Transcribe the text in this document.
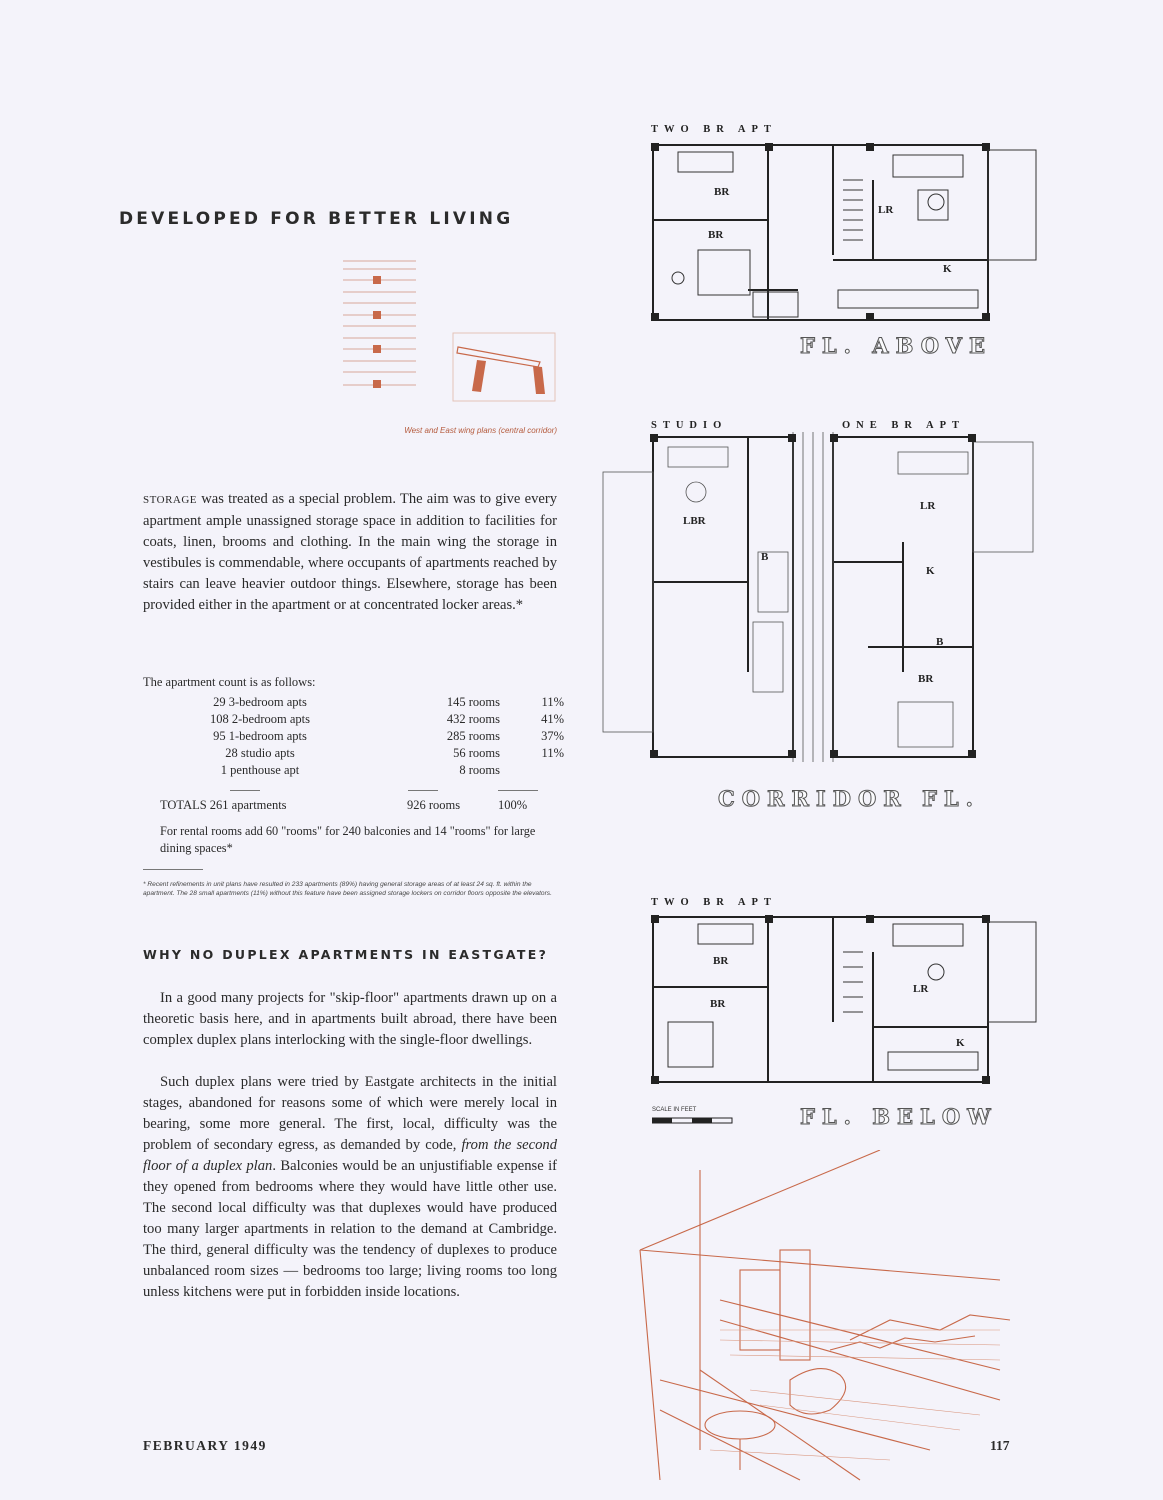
DEVELOPED FOR BETTER LIVING
West and East wing plans (central corridor)
STORAGE was treated as a special problem. The aim was to give every apartment ample unassigned storage space in addition to facilities for coats, linen, brooms and clothing. In the main wing the storage in vestibules is commendable, where occupants of apartments reached by stairs can leave heavier outdoor things. Elsewhere, storage has been provided either in the apartment or at concentrated locker areas.*
The apartment count is as follows:
29 3-bedroom apts	145 rooms	11%
108 2-bedroom apts	432 rooms	41%
95 1-bedroom apts	285 rooms	37%
28 studio apts	56 rooms	11%
1 penthouse apt	8 rooms	
TOTALS 261 apartments	926 rooms	100%
For rental rooms add 60 "rooms" for 240 balconies and 14 "rooms" for large dining spaces*
* Recent refinements in unit plans have resulted in 233 apartments (89%) having general storage areas of at least 24 sq. ft. within the apartment. The 28 small apartments (11%) without this feature have been assigned storage lockers on corridor floors opposite the elevators.
WHY NO DUPLEX APARTMENTS IN EASTGATE?
In a good many projects for "skip-floor" apartments drawn up on a theoretic basis here, and in apartments built abroad, there have been complex duplex plans interlocking with the single-floor dwellings.
Such duplex plans were tried by Eastgate architects in the initial stages, abandoned for reasons some of which were merely local in bearing, some more general. The first, local, difficulty was the problem of secondary egress, as demanded by code, from the second floor of a duplex plan. Balconies would be an unjustifiable expense if they opened from bedrooms where they would have little other use. The second local difficulty was that duplexes would have produced too many larger apartments in relation to the demand at Cambridge. The third, general difficulty was the tendency of duplexes to produce unbalanced room sizes — bedrooms too large; living rooms too long unless kitchens were put in forbidden inside locations.
FEBRUARY 1949	117
TWO BR APT
BR
BR
LR
K
FL. ABOVE
STUDIO	ONE BR APT
LBR
LR
K
BR
B
B
CORRIDOR FL.
TWO BR APT
BR
BR
LR
K
SCALE IN FEET	FL. BELOW
